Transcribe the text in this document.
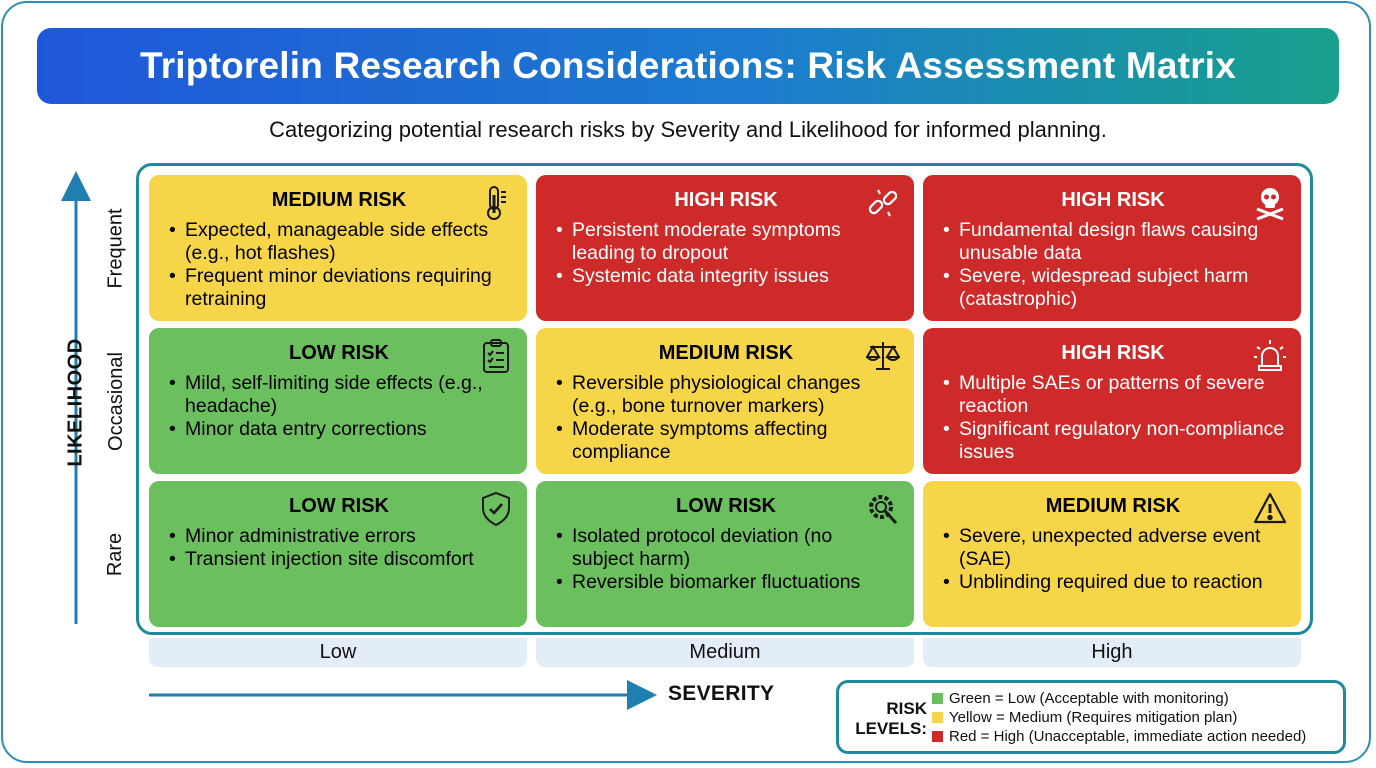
Triptorelin Research Considerations: Risk Assessment Matrix
Categorizing potential research risks by Severity and Likelihood for informed planning.
LIKELIHOOD
Frequent
Occasional
Rare
MEDIUM RISK
• Expected, manageable side effects (e.g., hot flashes)
• Frequent minor deviations requiring retraining
HIGH RISK
• Persistent moderate symptoms leading to dropout
• Systemic data integrity issues
HIGH RISK
• Fundamental design flaws causing unusable data
• Severe, widespread subject harm (catastrophic)
LOW RISK
• Mild, self-limiting side effects (e.g., headache)
• Minor data entry corrections
MEDIUM RISK
• Reversible physiological changes (e.g., bone turnover markers)
• Moderate symptoms affecting compliance
HIGH RISK
• Multiple SAEs or patterns of severe reaction
• Significant regulatory non-compliance issues
LOW RISK
• Minor administrative errors
• Transient injection site discomfort
LOW RISK
• Isolated protocol deviation (no subject harm)
• Reversible biomarker fluctuations
MEDIUM RISK
• Severe, unexpected adverse event (SAE)
• Unblinding required due to reaction
Low	Medium	High
SEVERITY
RISK
LEVELS:
Green = Low (Acceptable with monitoring)
Yellow = Medium (Requires mitigation plan)
Red = High (Unacceptable, immediate action needed)
